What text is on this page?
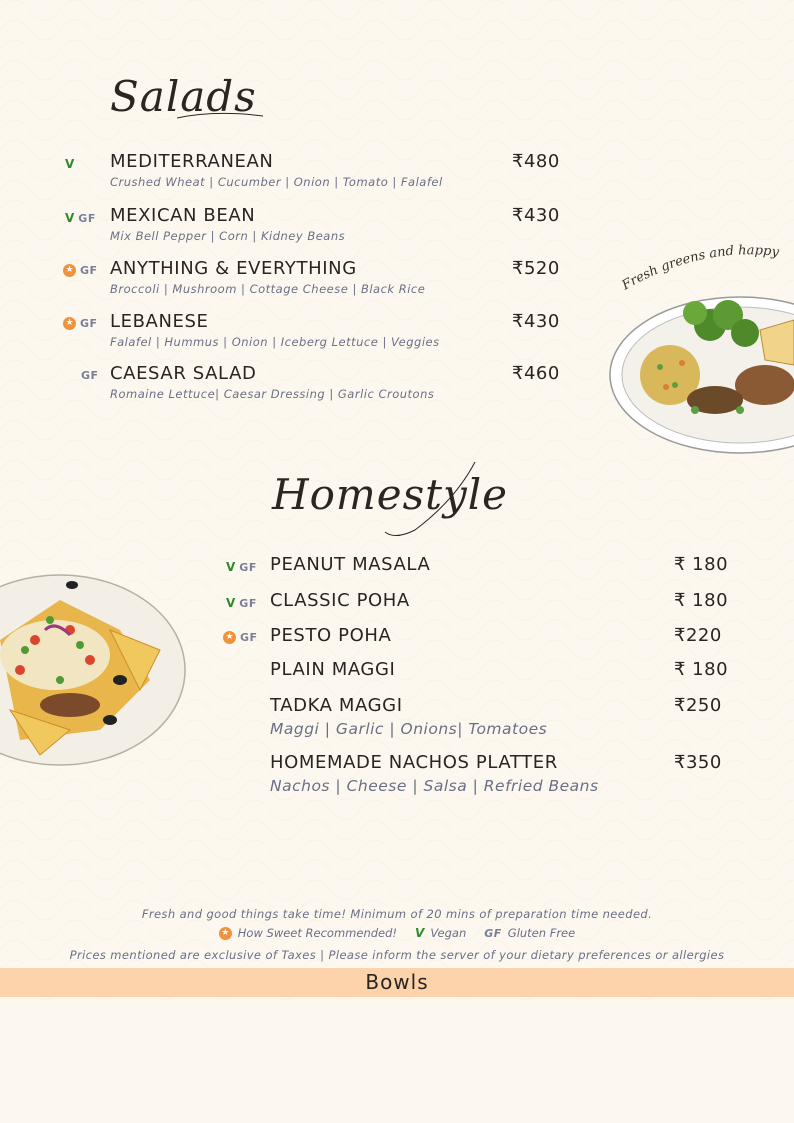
Salads
V MEDITERRANEAN
Crushed Wheat | Cucumber | Onion | Tomato | Falafel
₹480
V GF MEXICAN BEAN
Mix Bell Pepper | Corn | Kidney Beans
₹430
★ GF ANYTHING & EVERYTHING
Broccoli | Mushroom | Cottage Cheese | Black Rice
₹520
★ GF LEBANESE
Falafel | Hummus | Onion | Iceberg Lettuce | Veggies
₹430
GF CAESAR SALAD
Romaine Lettuce| Caesar Dressing | Garlic Croutons
₹460
Fresh greens and happy
Homestyle
V GF PEANUT MASALA	₹ 180
V GF CLASSIC POHA	₹ 180
★ GF PESTO POHA	₹220
PLAIN MAGGI	₹ 180
TADKA MAGGI
Maggi | Garlic | Onions| Tomatoes
₹250
HOMEMADE NACHOS PLATTER
Nachos | Cheese | Salsa | Refried Beans
₹350
Fresh and good things take time! Minimum of 20 mins of preparation time needed.
★ How Sweet Recommended! V Vegan GF Gluten Free
Prices mentioned are exclusive of Taxes | Please inform the server of your dietary preferences or allergies
Bowls
